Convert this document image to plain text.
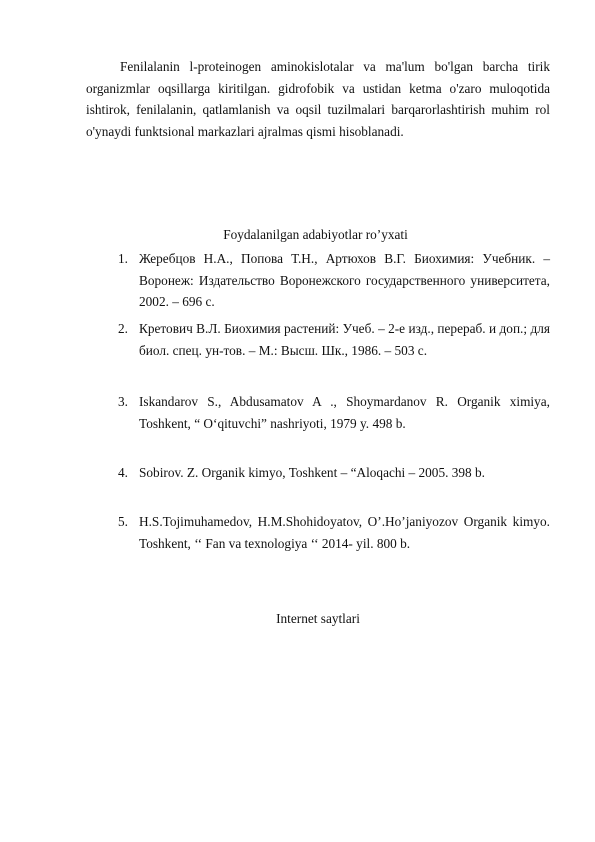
Fenilalanin l-proteinogen aminokislotalar va ma'lum bo'lgan barcha tirik organizmlar oqsillarga kiritilgan. gidrofobik va ustidan ketma o'zaro muloqotida ishtirok, fenilalanin, qatlamlanish va oqsil tuzilmalari barqarorlashtirish muhim rol o'ynaydi funktsional markazlari ajralmas qismi hisoblanadi.

Foydalanilgan adabiyotlar ro’yxati

1. Жеребцов Н.А., Попова Т.Н., Артюхов В.Г. Биохимия: Учебник. – Воронеж: Издательство Воронежского государственного университета, 2002. – 696 с.
2. Кретович В.Л. Биохимия растений: Учеб. – 2-е изд., перераб. и доп.; для биол. спец. ун-тов. – М.: Высш. Шк., 1986. – 503 с.
3. Iskandarov S., Abdusamatov A ., Shoymardanov R. Organik ximiya, Toshkent, “ O‘qituvchi” nashriyoti, 1979 y. 498 b.
4. Sobirov. Z. Organik kimyo, Toshkent – “Aloqachi – 2005. 398 b.
5. H.S.Tojimuhamedov, H.M.Shohidoyatov, O’.Ho’janiyozov Organik kimyo. Toshkent, ‘‘ Fan va texnologiya ‘‘ 2014- yil. 800 b.

Internet saytlari
